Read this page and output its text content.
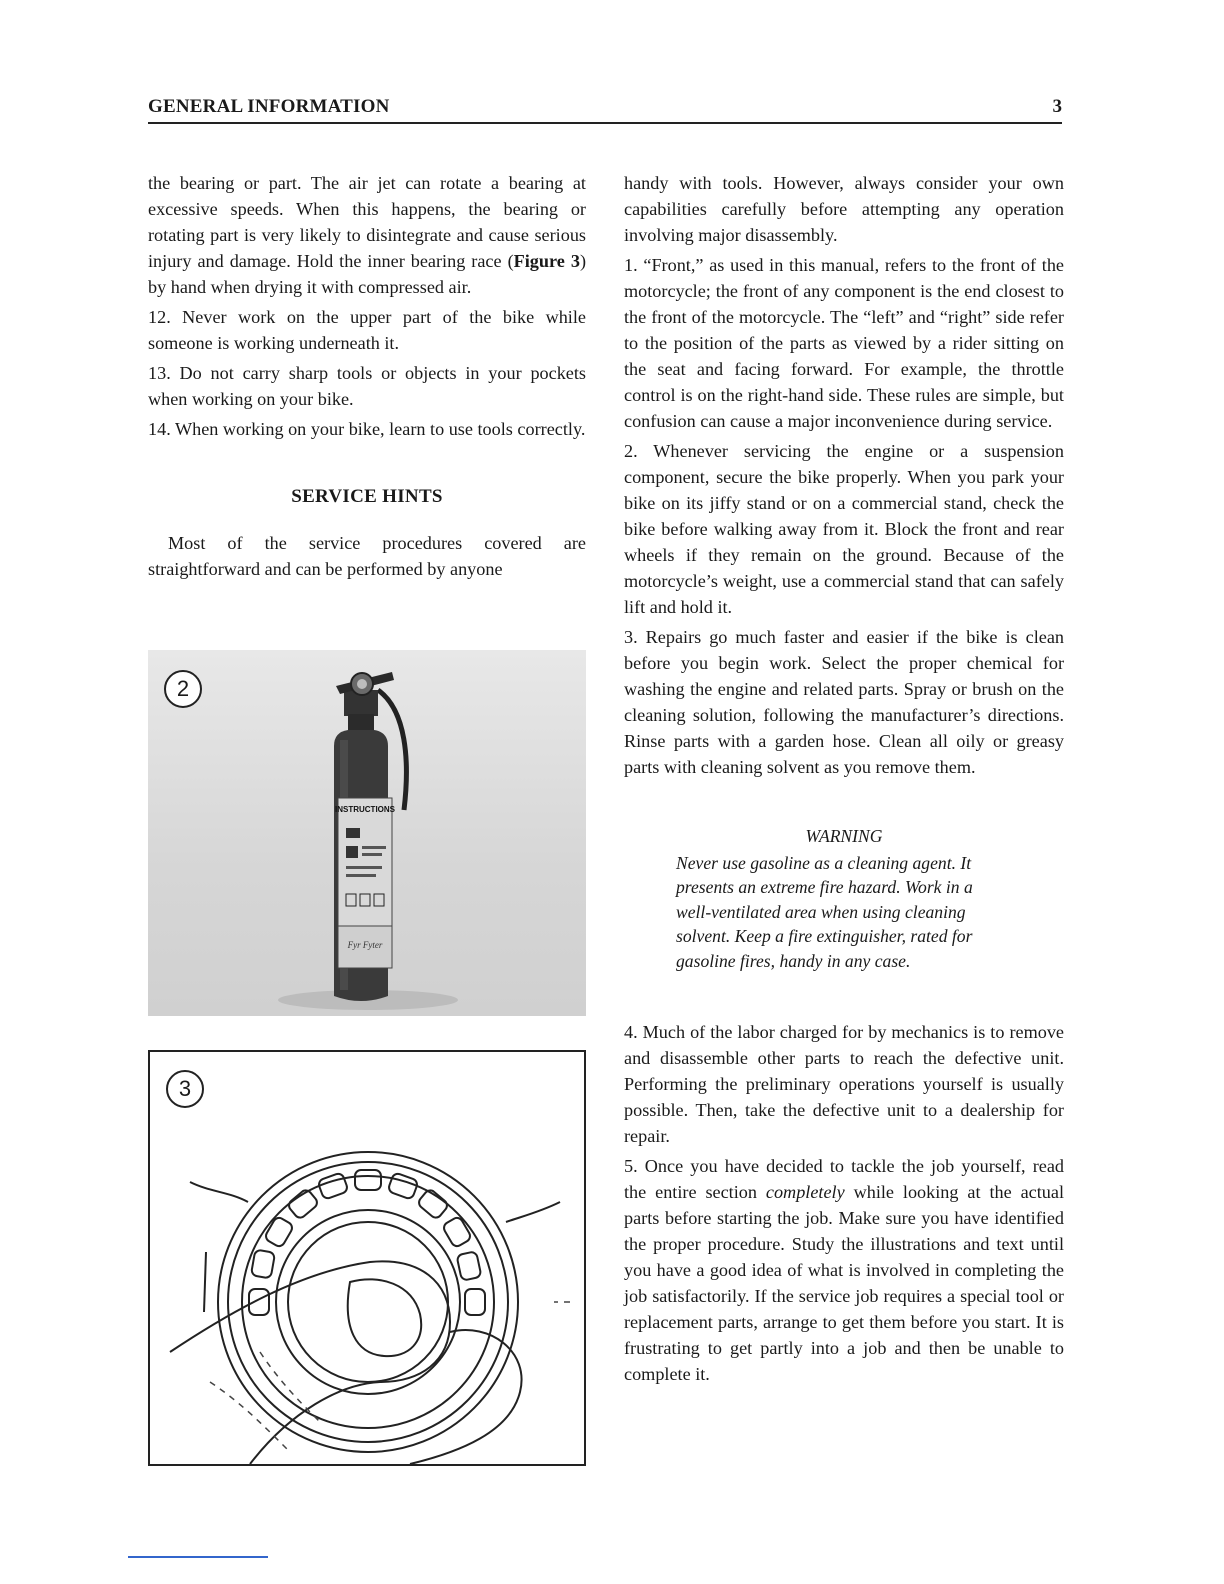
GENERAL INFORMATION	3

the bearing or part. The air jet can rotate a bearing at excessive speeds. When this happens, the bearing or rotating part is very likely to disintegrate and cause serious injury and damage. Hold the inner bearing race (Figure 3) by hand when drying it with compressed air.

12. Never work on the upper part of the bike while someone is working underneath it.

13. Do not carry sharp tools or objects in your pockets when working on your bike.

14. When working on your bike, learn to use tools correctly.

SERVICE HINTS

Most of the service procedures covered are straightforward and can be performed by anyone

2
INSTRUCTIONS
Fyr Fyter
3

handy with tools. However, always consider your own capabilities carefully before attempting any operation involving major disassembly.

1. “Front,” as used in this manual, refers to the front of the motorcycle; the front of any component is the end closest to the front of the motorcycle. The “left” and “right” side refer to the position of the parts as viewed by a rider sitting on the seat and facing forward. For example, the throttle control is on the right-hand side. These rules are simple, but confusion can cause a major inconvenience during service.

2. Whenever servicing the engine or a suspension component, secure the bike properly. When you park your bike on its jiffy stand or on a commercial stand, check the bike before walking away from it. Block the front and rear wheels if they remain on the ground. Because of the motorcycle’s weight, use a commercial stand that can safely lift and hold it.

3. Repairs go much faster and easier if the bike is clean before you begin work. Select the proper chemical for washing the engine and related parts. Spray or brush on the cleaning solution, following the manufacturer’s directions. Rinse parts with a garden hose. Clean all oily or greasy parts with cleaning solvent as you remove them.

WARNING
Never use gasoline as a cleaning agent. It presents an extreme fire hazard. Work in a well-ventilated area when using cleaning solvent. Keep a fire extinguisher, rated for gasoline fires, handy in any case.

4. Much of the labor charged for by mechanics is to remove and disassemble other parts to reach the defective unit. Performing the preliminary operations yourself is usually possible. Then, take the defective unit to a dealership for repair.

5. Once you have decided to tackle the job yourself, read the entire section completely while looking at the actual parts before starting the job. Make sure you have identified the proper procedure. Study the illustrations and text until you have a good idea of what is involved in completing the job satisfactorily. If the service job requires a special tool or replacement parts, arrange to get them before you start. It is frustrating to get partly into a job and then be unable to complete it.
